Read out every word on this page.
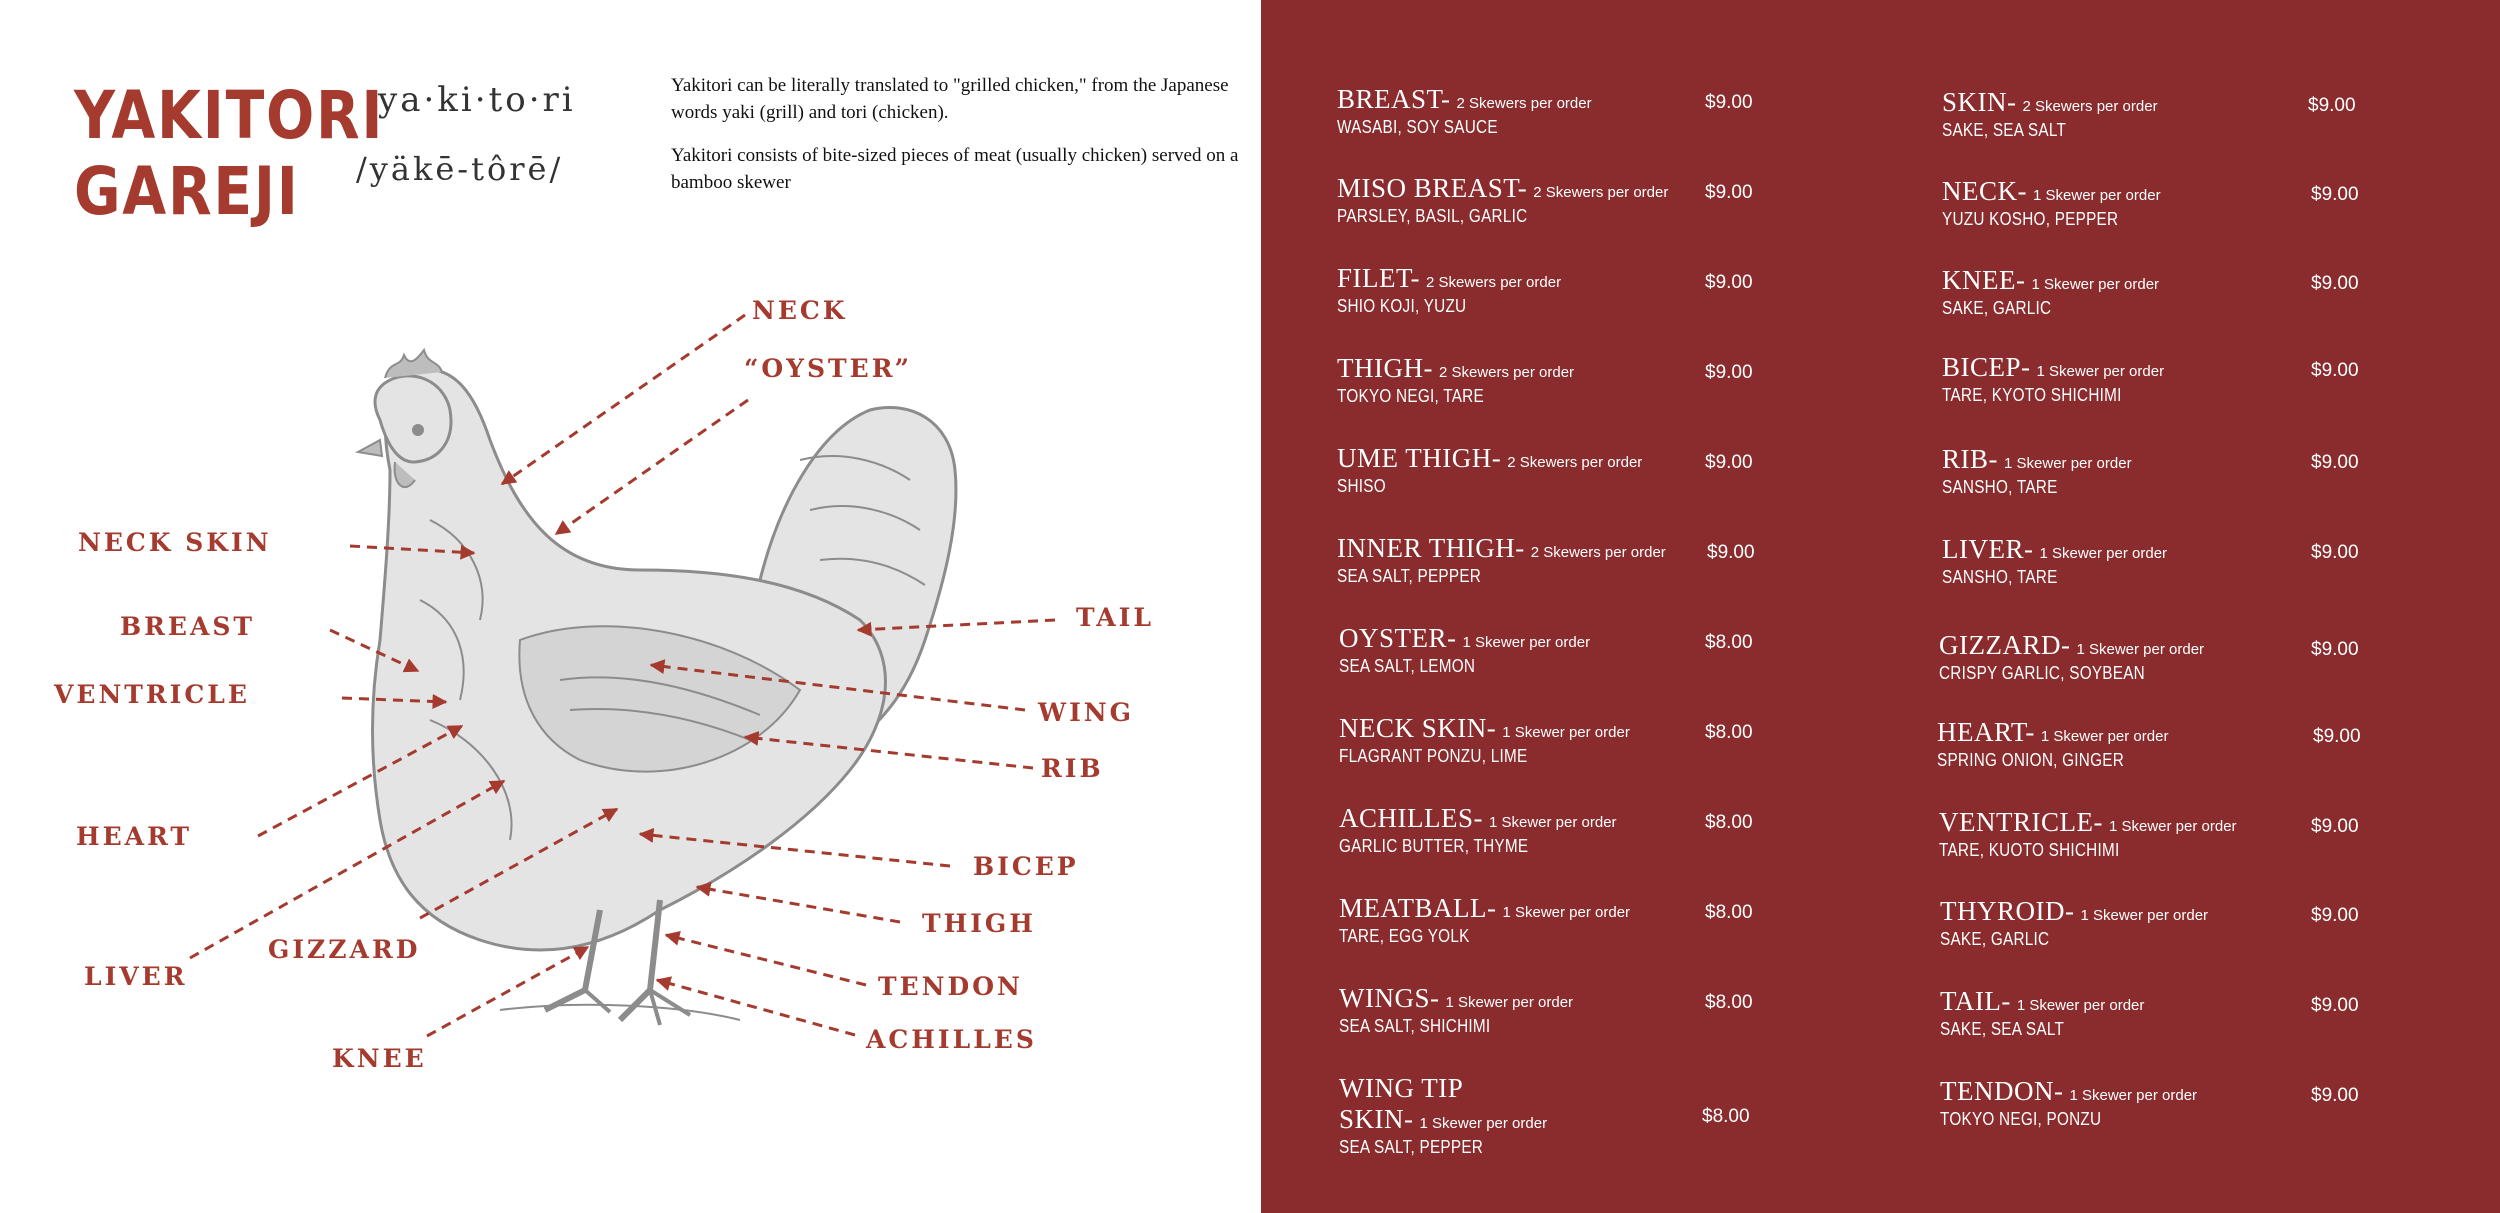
YAKITORI
GAREJI
ya·ki·to·ri
/yäkē-tôrē/

Yakitori can be literally translated to "grilled chicken," from the Japanese words yaki (grill) and tori (chicken).

Yakitori consists of bite-sized pieces of meat (usually chicken) served on a bamboo skewer

NECK
“OYSTER”
NECK SKIN
BREAST
VENTRICLE
HEART
LIVER
GIZZARD
KNEE
TAIL
WING
RIB
BICEP
THIGH
TENDON
ACHILLES
BREAST- 2 Skewers per order
WASABI, SOY SAUCE
$9.00
MISO BREAST- 2 Skewers per order
PARSLEY, BASIL, GARLIC
$9.00
FILET- 2 Skewers per order
SHIO KOJI, YUZU
$9.00
THIGH- 2 Skewers per order
TOKYO NEGI, TARE
$9.00
UME THIGH- 2 Skewers per order
SHISO
$9.00
INNER THIGH- 2 Skewers per order
SEA SALT, PEPPER
$9.00
OYSTER- 1 Skewer per order
SEA SALT, LEMON
$8.00
NECK SKIN- 1 Skewer per order
FLAGRANT PONZU, LIME
$8.00
ACHILLES- 1 Skewer per order
GARLIC BUTTER, THYME
$8.00
MEATBALL- 1 Skewer per order
TARE, EGG YOLK
$8.00
WINGS- 1 Skewer per order
SEA SALT, SHICHIMI
$8.00
WING TIP
SKIN- 1 Skewer per order
SEA SALT, PEPPER
$8.00
SKIN- 2 Skewers per order
SAKE, SEA SALT
$9.00
NECK- 1 Skewer per order
YUZU KOSHO, PEPPER
$9.00
KNEE- 1 Skewer per order
SAKE, GARLIC
$9.00
BICEP- 1 Skewer per order
TARE, KYOTO SHICHIMI
$9.00
RIB- 1 Skewer per order
SANSHO, TARE
$9.00
LIVER- 1 Skewer per order
SANSHO, TARE
$9.00
GIZZARD- 1 Skewer per order
CRISPY GARLIC, SOYBEAN
$9.00
HEART- 1 Skewer per order
SPRING ONION, GINGER
$9.00
VENTRICLE- 1 Skewer per order
TARE, KUOTO SHICHIMI
$9.00
THYROID- 1 Skewer per order
SAKE, GARLIC
$9.00
TAIL- 1 Skewer per order
SAKE, SEA SALT
$9.00
TENDON- 1 Skewer per order
TOKYO NEGI, PONZU
$9.00
